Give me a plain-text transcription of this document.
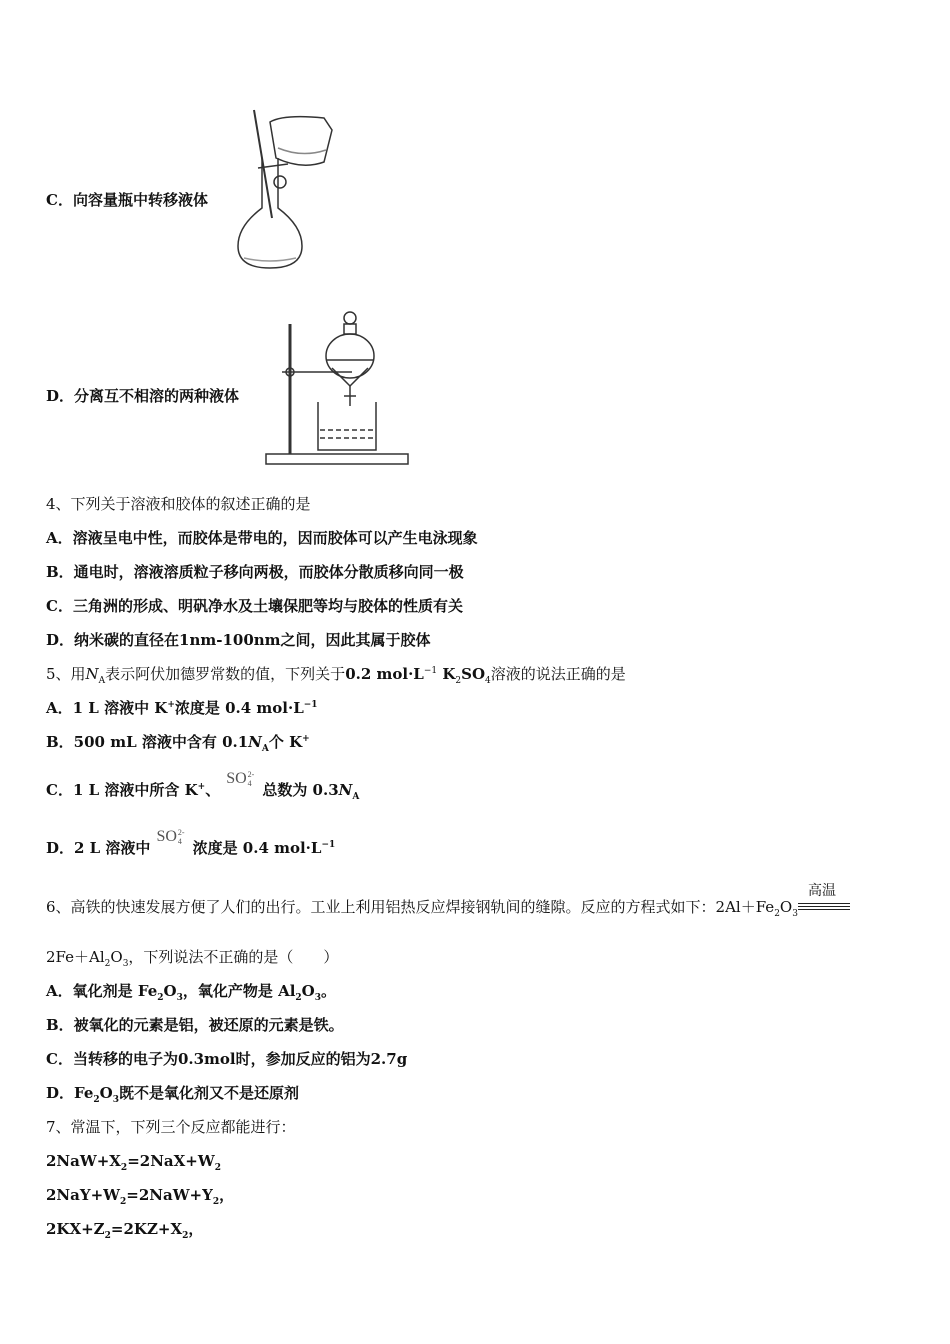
C．向容量瓶中转移液体
D．分离互不相溶的两种液体
4、下列关于溶液和胶体的叙述正确的是
A．溶液呈电中性，而胶体是带电的，因而胶体可以产生电泳现象
B．通电时，溶液溶质粒子移向两极，而胶体分散质移向同一极
C．三角洲的形成、明矾净水及土壤保肥等均与胶体的性质有关
D．纳米碳的直径在1nm-100nm之间，因此其属于胶体
5、用$N_A$表示阿伏加德罗常数的值，下列关于0.2 $mol\cdot L^{-1}$ $K_2SO_4$溶液的说法正确的是
A．1 L 溶液中 K+浓度是 0.4 $mol\cdot L^{-1}$
B．500 mL 溶液中含有 $0.1N_A$个 K+
C．1 L 溶液中所含 K+、
SO 2-
4 总数为 $0.3N_A$
D．2 L 溶液中
SO 2-
4 浓度是 0.4 $mol\cdot L^{-1}$
6、高铁的快速发展方便了人们的出行。工业上利用铝热反应焊接钢轨间的缝隙。反应的方程式如下：$2Al+Fe_2O_3$
高温
$2Fe+Al_2O_3$，下列说法不正确的是（　　）
A．氧化剂是 $Fe_2O_3$，氧化产物是 $Al_2O_3$。
B．被氧化的元素是铝，被还原的元素是铁。
C．当转移的电子为0.3mol时，参加反应的铝为2.7g
D．$Fe_2O_3$既不是氧化剂又不是还原剂
7、常温下，下列三个反应都能进行：
$2NaW+X_2=2NaX+W_2$
$2NaY+W_2=2NaW+Y_2$，
$2KX+Z_2=2KZ+X_2$，
